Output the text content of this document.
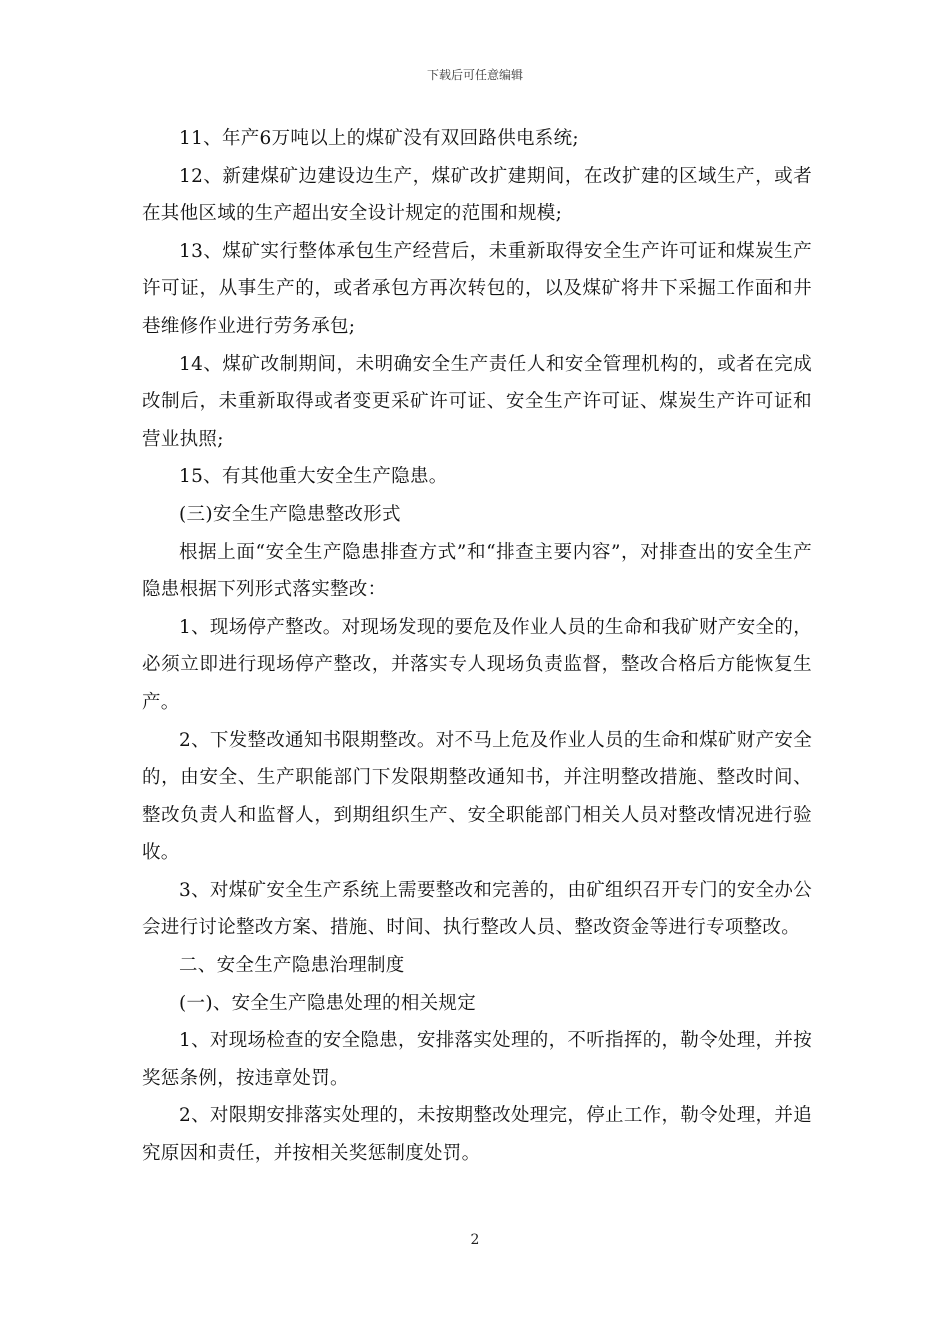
下载后可任意编辑

11、年产6万吨以上的煤矿没有双回路供电系统;

12、新建煤矿边建设边生产，煤矿改扩建期间，在改扩建的区域生产，或者在其他区域的生产超出安全设计规定的范围和规模;

13、煤矿实行整体承包生产经营后，未重新取得安全生产许可证和煤炭生产许可证，从事生产的，或者承包方再次转包的，以及煤矿将井下采掘工作面和井巷维修作业进行劳务承包;

14、煤矿改制期间，未明确安全生产责任人和安全管理机构的，或者在完成改制后，未重新取得或者变更采矿许可证、安全生产许可证、煤炭生产许可证和营业执照;

15、有其他重大安全生产隐患。

(三)安全生产隐患整改形式

根据上面“安全生产隐患排查方式”和“排查主要内容”，对排查出的安全生产隐患根据下列形式落实整改：

1、现场停产整改。对现场发现的要危及作业人员的生命和我矿财产安全的，必须立即进行现场停产整改，并落实专人现场负责监督，整改合格后方能恢复生产。

2、下发整改通知书限期整改。对不马上危及作业人员的生命和煤矿财产安全的，由安全、生产职能部门下发限期整改通知书，并注明整改措施、整改时间、整改负责人和监督人，到期组织生产、安全职能部门相关人员对整改情况进行验收。

3、对煤矿安全生产系统上需要整改和完善的，由矿组织召开专门的安全办公会进行讨论整改方案、措施、时间、执行整改人员、整改资金等进行专项整改。

二、安全生产隐患治理制度

(一)、安全生产隐患处理的相关规定

1、对现场检查的安全隐患，安排落实处理的，不听指挥的，勒令处理，并按奖惩条例，按违章处罚。

2、对限期安排落实处理的，未按期整改处理完，停止工作，勒令处理，并追究原因和责任，并按相关奖惩制度处罚。

2
